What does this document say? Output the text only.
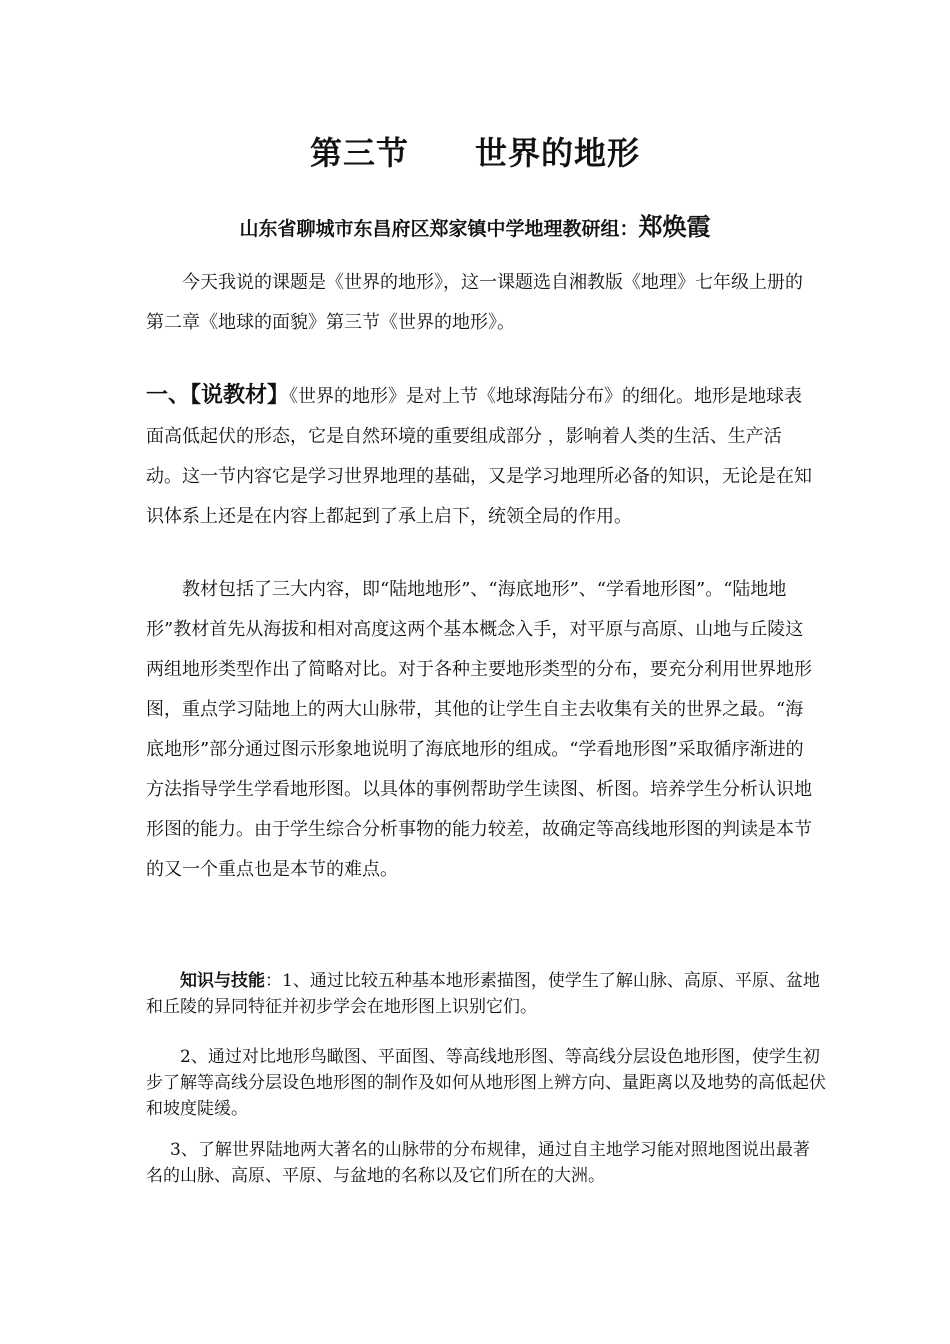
第三节 世界的地形
山东省聊城市东昌府区郑家镇中学地理教研组：郑焕霞

今天我说的课题是《世界的地形》，这一课题选自湘教版《地理》七年级上册的第二章《地球的面貌》第三节《世界的地形》。

一、【说教材】《世界的地形》是对上节《地球海陆分布》的细化。地形是地球表面高低起伏的形态，它是自然环境的重要组成部分 ，影响着人类的生活、生产活动。这一节内容它是学习世界地理的基础，又是学习地理所必备的知识，无论是在知识体系上还是在内容上都起到了承上启下，统领全局的作用。

教材包括了三大内容，即“陆地地形”、“海底地形”、“学看地形图”。“陆地地形”教材首先从海拔和相对高度这两个基本概念入手，对平原与高原、山地与丘陵这两组地形类型作出了简略对比。对于各种主要地形类型的分布，要充分利用世界地形图，重点学习陆地上的两大山脉带，其他的让学生自主去收集有关的世界之最。“海底地形”部分通过图示形象地说明了海底地形的组成。“学看地形图”采取循序渐进的方法指导学生学看地形图。以具体的事例帮助学生读图、析图。培养学生分析认识地形图的能力。由于学生综合分析事物的能力较差，故确定等高线地形图的判读是本节的又一个重点也是本节的难点。

知识与技能：1、通过比较五种基本地形素描图，使学生了解山脉、高原、平原、盆地和丘陵的异同特征并初步学会在地形图上识别它们。

2、通过对比地形鸟瞰图、平面图、等高线地形图、等高线分层设色地形图，使学生初步了解等高线分层设色地形图的制作及如何从地形图上辨方向、量距离以及地势的高低起伏和坡度陡缓。

3、了解世界陆地两大著名的山脉带的分布规律，通过自主地学习能对照地图说出最著名的山脉、高原、平原、与盆地的名称以及它们所在的大洲。
